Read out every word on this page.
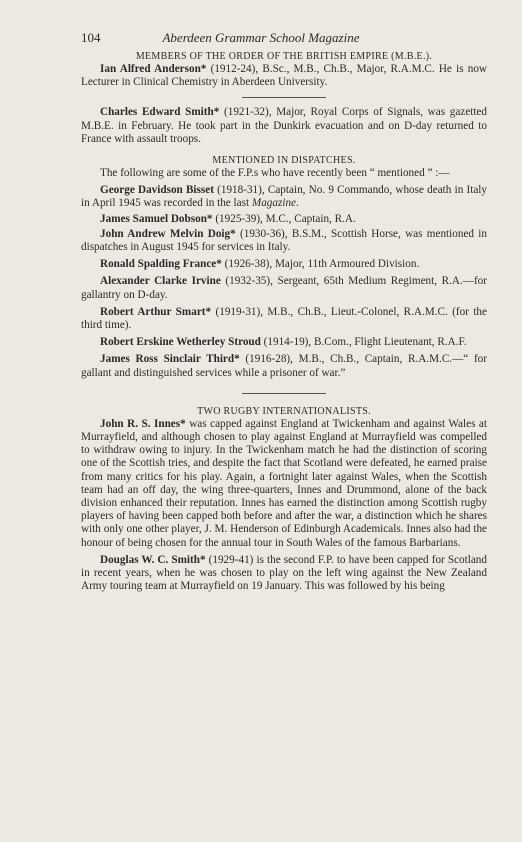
104	Aberdeen Grammar School Magazine
MEMBERS OF THE ORDER OF THE BRITISH EMPIRE (M.B.E.).

Ian Alfred Anderson* (1912-24), B.Sc., M.B., Ch.B., Major, R.A.M.C. He is now Lecturer in Clinical Chemistry in Aberdeen University.

Charles Edward Smith* (1921-32), Major, Royal Corps of Signals, was gazetted M.B.E. in February. He took part in the Dunkirk evacuation and on D-day returned to France with assault troops.

MENTIONED IN DISPATCHES.

The following are some of the F.P.s who have recently been “ mentioned ” :—

George Davidson Bisset (1918-31), Captain, No. 9 Commando, whose death in Italy in April 1945 was recorded in the last Magazine.

James Samuel Dobson* (1925-39), M.C., Captain, R.A.

John Andrew Melvin Doig* (1930-36), B.S.M., Scottish Horse, was mentioned in dispatches in August 1945 for services in Italy.

Ronald Spalding France* (1926-38), Major, 11th Armoured Division.

Alexander Clarke Irvine (1932-35), Sergeant, 65th Medium Regiment, R.A.—for gallantry on D-day.

Robert Arthur Smart* (1919-31), M.B., Ch.B., Lieut.-Colonel, R.A.M.C. (for the third time).

Robert Erskine Wetherley Stroud (1914-19), B.Com., Flight Lieutenant, R.A.F.

James Ross Sinclair Third* (1916-28), M.B., Ch.B., Captain, R.A.M.C.—“ for gallant and distinguished services while a prisoner of war.”

TWO RUGBY INTERNATIONALISTS.

John R. S. Innes* was capped against England at Twickenham and against Wales at Murrayfield, and although chosen to play against England at Murrayfield was compelled to withdraw owing to injury. In the Twickenham match he had the distinction of scoring one of the Scottish tries, and despite the fact that Scotland were defeated, he earned praise from many critics for his play. Again, a fortnight later against Wales, when the Scottish team had an off day, the wing three-quarters, Innes and Drummond, alone of the back division enhanced their reputation. Innes has earned the distinction among Scottish rugby players of having been capped both before and after the war, a distinction which he shares with only one other player, J. M. Henderson of Edinburgh Academicals. Innes also had the honour of being chosen for the annual tour in South Wales of the famous Barbarians.

Douglas W. C. Smith* (1929-41) is the second F.P. to have been capped for Scotland in recent years, when he was chosen to play on the left wing against the New Zealand Army touring team at Murrayfield on 19 January. This was followed by his being
